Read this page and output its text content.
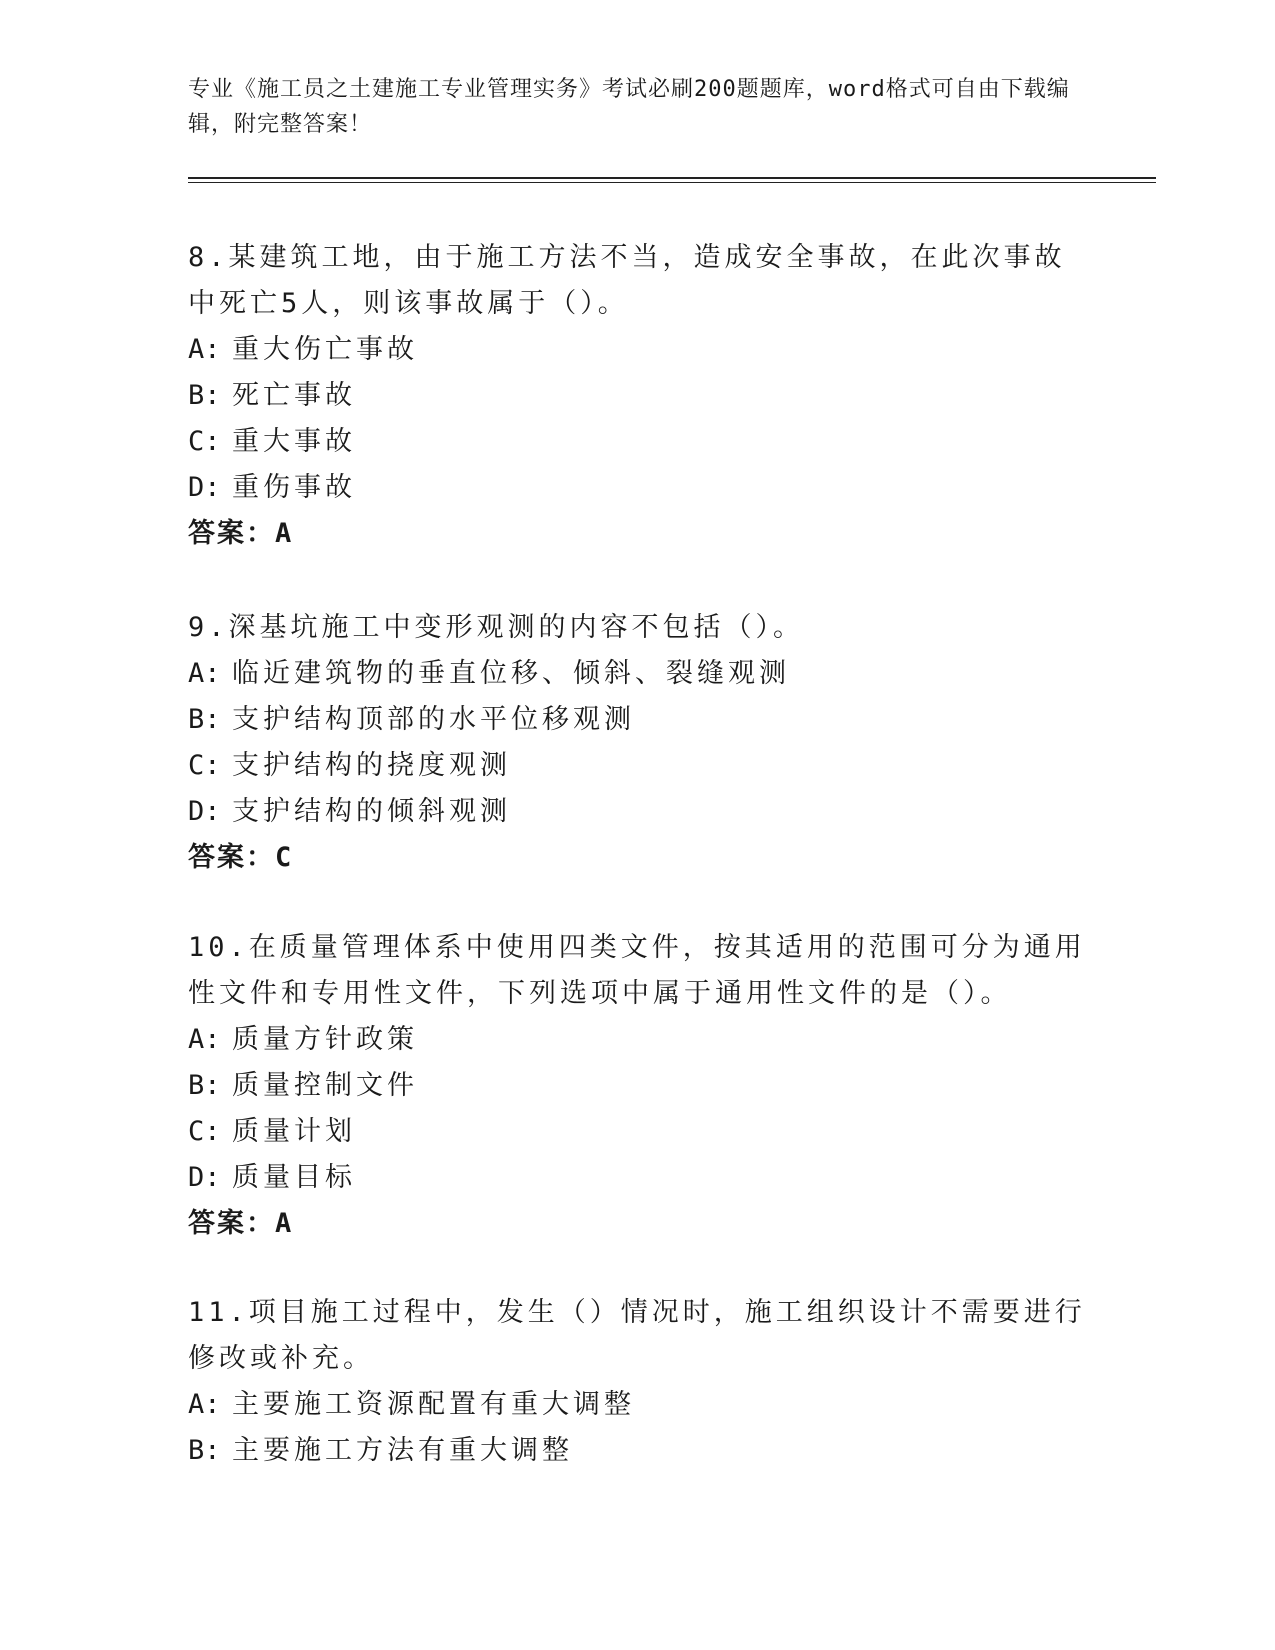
专业《施工员之土建施工专业管理实务》考试必刷200题题库，word格式可自由下载编辑，附完整答案！

8.某建筑工地，由于施工方法不当，造成安全事故，在此次事故中死亡5人，则该事故属于（）。

A: 重大伤亡事故

B: 死亡事故

C: 重大事故

D: 重伤事故

答案：A

9.深基坑施工中变形观测的内容不包括（）。

A: 临近建筑物的垂直位移、倾斜、裂缝观测

B: 支护结构顶部的水平位移观测

C: 支护结构的挠度观测

D: 支护结构的倾斜观测

答案：C

10.在质量管理体系中使用四类文件，按其适用的范围可分为通用性文件和专用性文件，下列选项中属于通用性文件的是（）。

A: 质量方针政策

B: 质量控制文件

C: 质量计划

D: 质量目标

答案：A

11.项目施工过程中，发生（）情况时，施工组织设计不需要进行修改或补充。

A: 主要施工资源配置有重大调整

B: 主要施工方法有重大调整
